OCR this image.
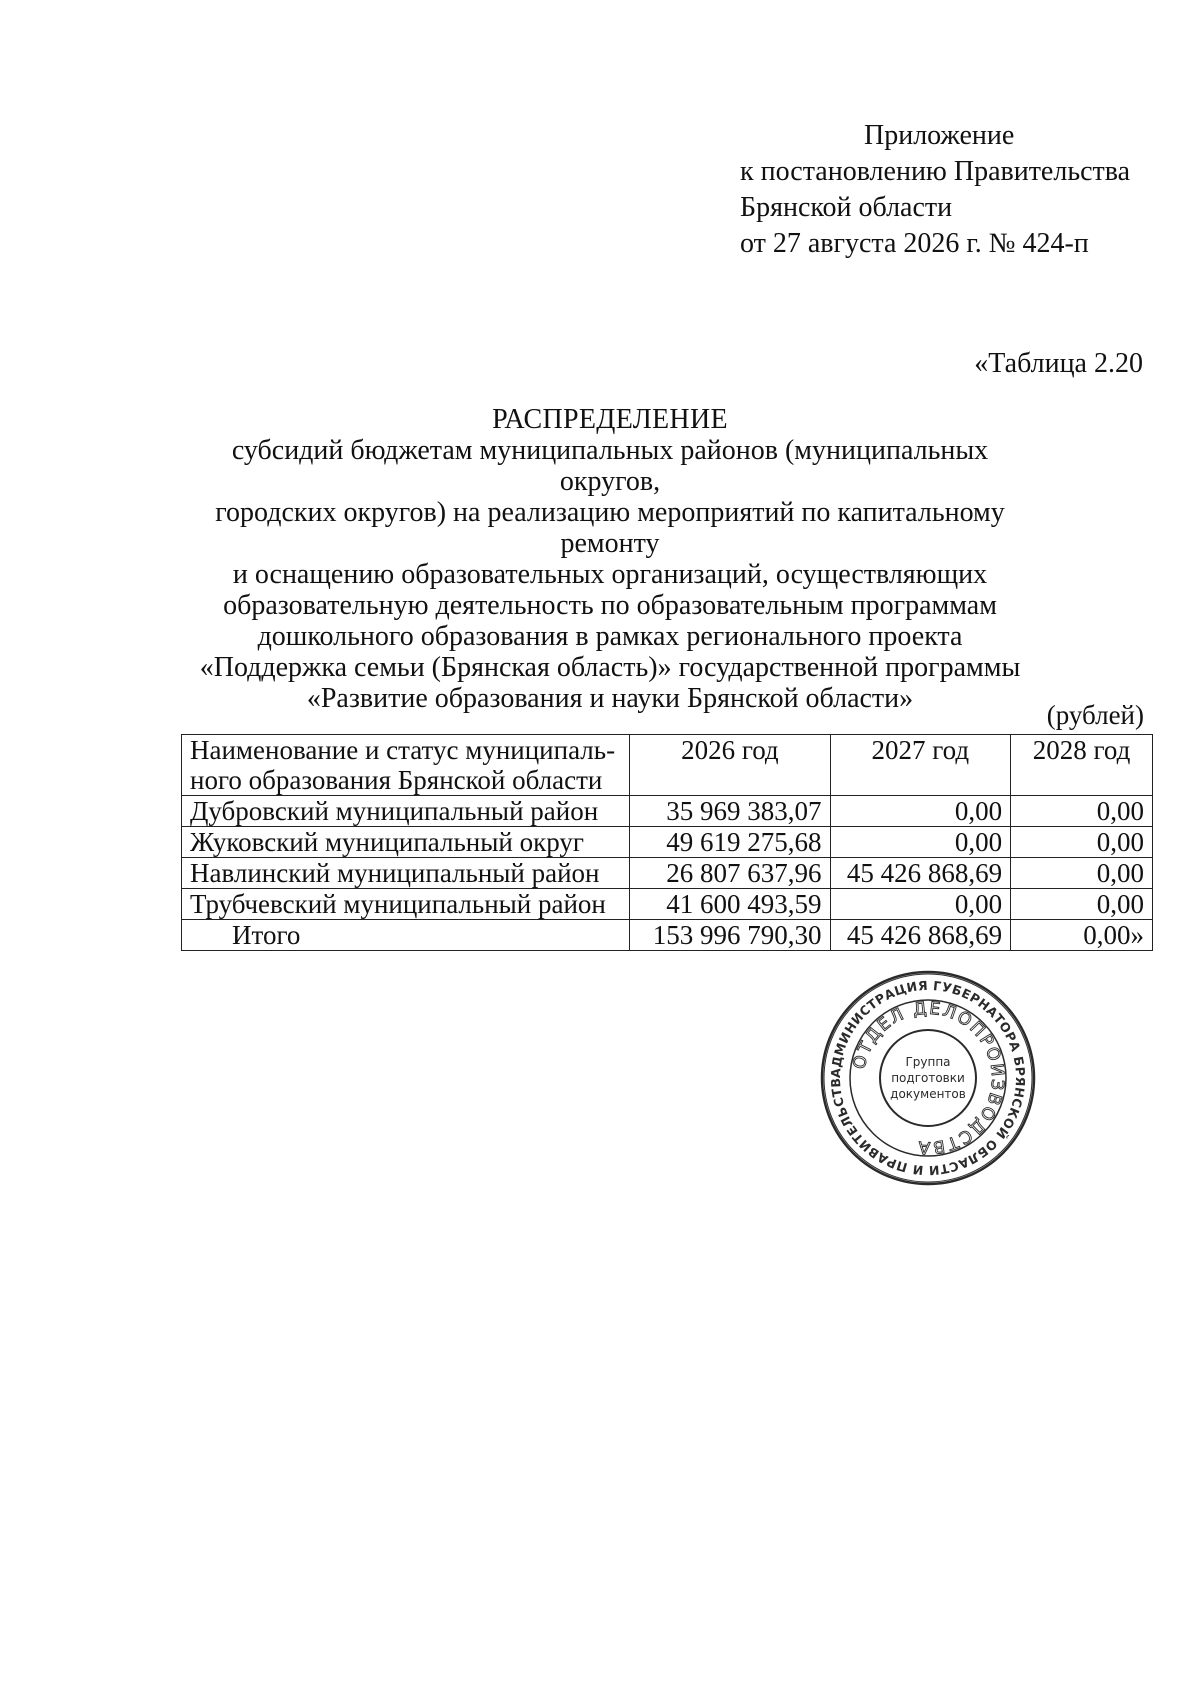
Приложение
к постановлению Правительства
Брянской области
от 27 августа 2026 г. № 424-п
«Таблица 2.20
РАСПРЕДЕЛЕНИЕ
субсидий бюджетам муниципальных районов (муниципальных округов,
городских округов) на реализацию мероприятий по капитальному ремонту
и оснащению образовательных организаций, осуществляющих
образовательную деятельность по образовательным программам
дошкольного образования в рамках регионального проекта
«Поддержка семьи (Брянская область)» государственной программы
«Развитие образования и науки Брянской области»
(рублей)
Наименование и статус муниципаль-
ного образования Брянской области	2026 год	2027 год	2028 год
Дубровский муниципальный район	35 969 383,07	0,00	0,00
Жуковский муниципальный округ	49 619 275,68	0,00	0,00
Навлинский муниципальный район	26 807 637,96	45 426 868,69	0,00
Трубчевский муниципальный район	41 600 493,59	0,00	0,00
Итого	153 996 790,30	45 426 868,69	0,00»
АДМИНИСТРАЦИЯ ГУБЕРНАТОРА БРЯНСКОЙ ОБЛАСТИ И ПРАВИТЕЛЬСТВ
ОТДЕЛ ДЕЛОПРОИЗВОДСТВА
Группа
подготовки
документов
